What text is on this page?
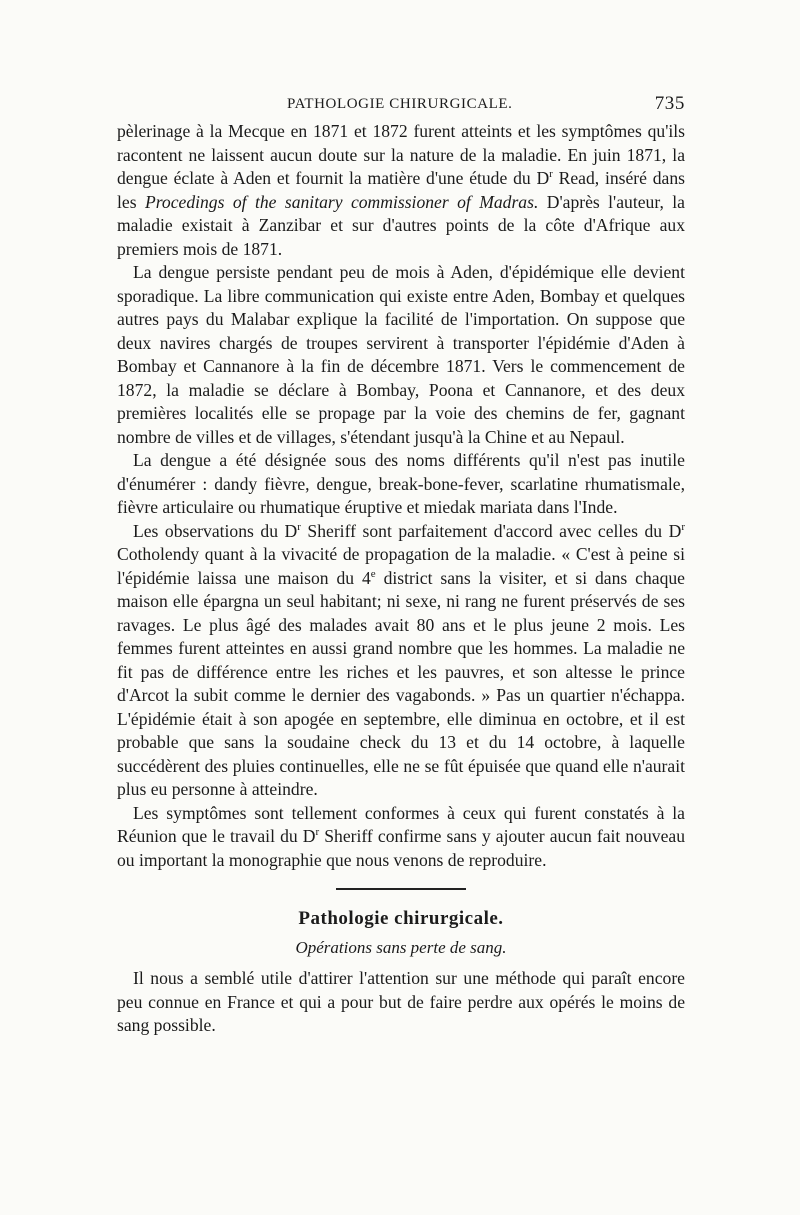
PATHOLOGIE CHIRURGICALE.	735

pèlerinage à la Mecque en 1871 et 1872 furent atteints et les symptômes qu'ils racontent ne laissent aucun doute sur la nature de la maladie. En juin 1871, la dengue éclate à Aden et fournit la matière d'une étude du $D^r$ Read, inséré dans les Procedings of the sanitary commissioner of Madras. D'après l'auteur, la maladie existait à Zanzibar et sur d'autres points de la côte d'Afrique aux premiers mois de 1871.

La dengue persiste pendant peu de mois à Aden, d'épidémique elle devient sporadique. La libre communication qui existe entre Aden, Bombay et quelques autres pays du Malabar explique la facilité de l'importation. On suppose que deux navires chargés de troupes servirent à transporter l'épidémie d'Aden à Bombay et Cannanore à la fin de décembre 1871. Vers le commencement de 1872, la maladie se déclare à Bombay, Poona et Cannanore, et des deux premières localités elle se propage par la voie des chemins de fer, gagnant nombre de villes et de villages, s'étendant jusqu'à la Chine et au Nepaul.

La dengue a été désignée sous des noms différents qu'il n'est pas inutile d'énumérer : dandy fièvre, dengue, break-bone-fever, scarlatine rhumatismale, fièvre articulaire ou rhumatique éruptive et miedak mariata dans l'Inde.

Les observations du $D^r$ Sheriff sont parfaitement d'accord avec celles du $D^r$ Cotholendy quant à la vivacité de propagation de la maladie. « C'est à peine si l'épidémie laissa une maison du 4e district sans la visiter, et si dans chaque maison elle épargna un seul habitant; ni sexe, ni rang ne furent préservés de ses ravages. Le plus âgé des malades avait 80 ans et le plus jeune 2 mois. Les femmes furent atteintes en aussi grand nombre que les hommes. La maladie ne fit pas de différence entre les riches et les pauvres, et son altesse le prince d'Arcot la subit comme le dernier des vagabonds. » Pas un quartier n'échappa. L'épidémie était à son apogée en septembre, elle diminua en octobre, et il est probable que sans la soudaine check du 13 et du 14 octobre, à laquelle succédèrent des pluies continuelles, elle ne se fût épuisée que quand elle n'aurait plus eu personne à atteindre.

Les symptômes sont tellement conformes à ceux qui furent constatés à la Réunion que le travail du $D^r$ Sheriff confirme sans y ajouter aucun fait nouveau ou important la monographie que nous venons de reproduire.

Pathologie chirurgicale.
Opérations sans perte de sang.

Il nous a semblé utile d'attirer l'attention sur une méthode qui paraît encore peu connue en France et qui a pour but de faire perdre aux opérés le moins de sang possible.
